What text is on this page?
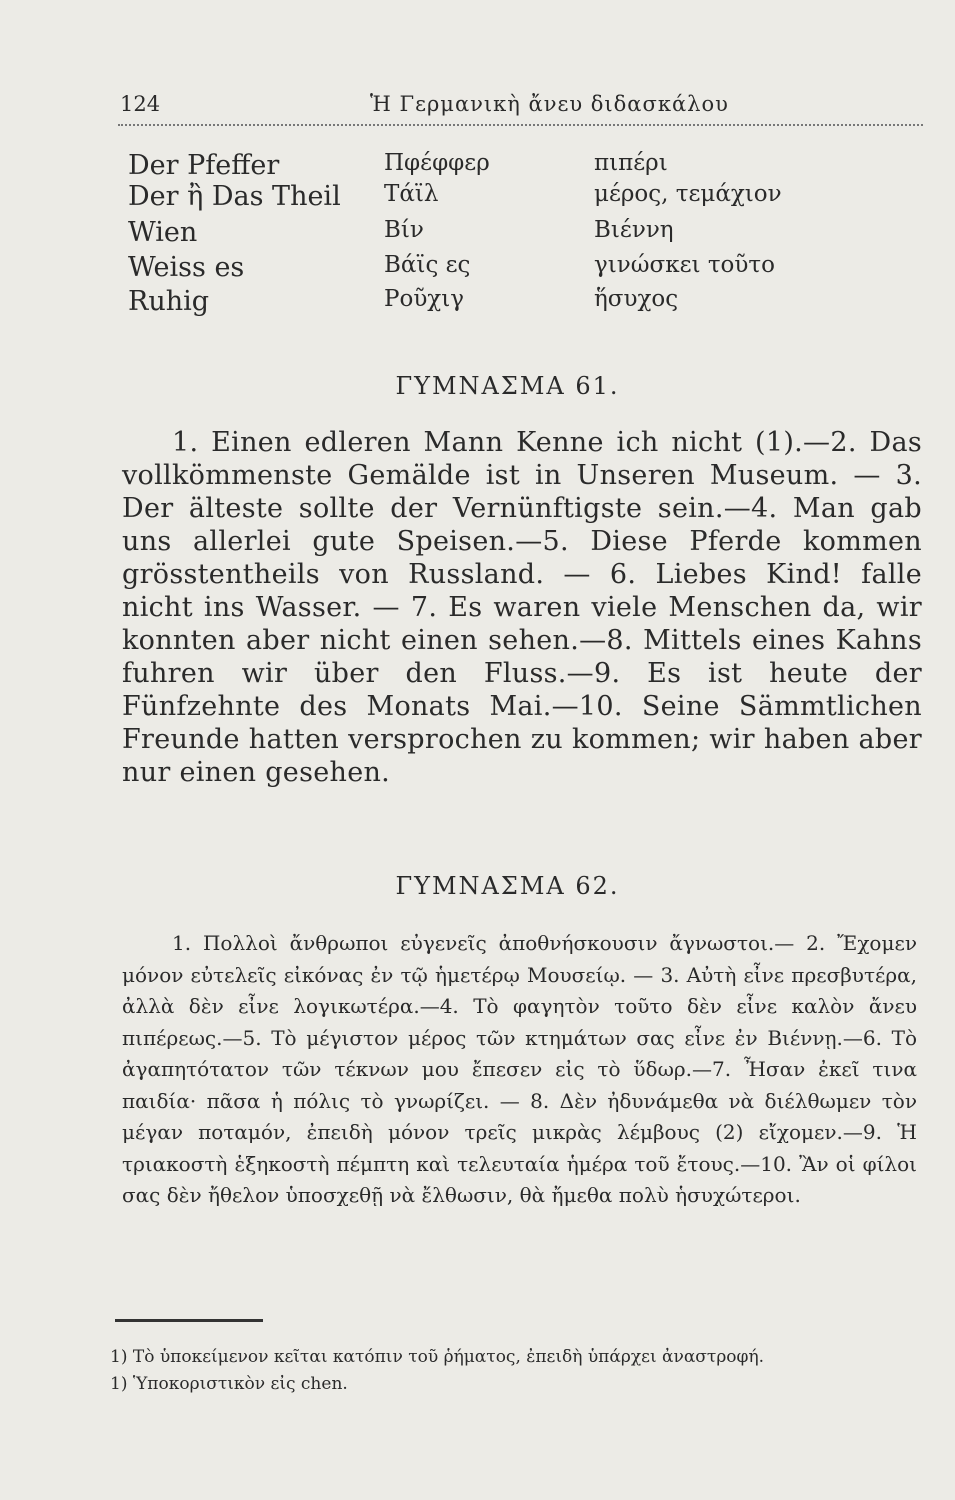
124	Ἡ Γερμανικὴ ἄνευ διδασκάλου
Der Pfeffer	Πφέφφερ	πιπέρι
Der ἢ Das Theil Τάϊλ	μέρος, τεμάχιον
Wien	Βίν	Βιέννη
Weiss es	Βάϊς ες	γινώσκει τοῦτο
Ruhig	Ροῦχιγ	ἥσυχος
ΓΥΜΝΑΣΜΑ 61.
1. Einen edleren Mann Kenne ich nicht (1).—2. Das vollkömmenste Gemälde ist in Unseren Museum. — 3. Der älteste sollte der Vernünftigste sein.—4. Man gab uns allerlei gute Speisen.—5. Diese Pferde kommen grösstentheils von Russland. — 6. Liebes Kind! falle nicht ins Wasser. — 7. Es waren viele Menschen da, wir konnten aber nicht einen sehen.—8. Mittels eines Kahns fuhren wir über den Fluss.—9. Es ist heute der Fünfzehnte des Monats Mai.—10. Seine Sämmtlichen Freunde hatten versprochen zu kommen; wir haben aber nur einen gesehen.
ΓΥΜΝΑΣΜΑ 62.
1. Πολλοὶ ἄνθρωποι εὐγενεῖς ἀποθνήσκουσιν ἄγνωστοι.— 2. Ἔχομεν μόνον εὐτελεῖς εἰκόνας ἐν τῷ ἡμετέρῳ Μουσείῳ. — 3. Αὐτὴ εἶνε πρεσβυτέρα, ἀλλὰ δὲν εἶνε λογικωτέρα.—4. Τὸ φαγητὸν τοῦτο δὲν εἶνε καλὸν ἄνευ πιπέρεως.—5. Τὸ μέγιστον μέρος τῶν κτημάτων σας εἶνε ἐν Βιέννῃ.—6. Τὸ ἀγαπητότατον τῶν τέκνων μου ἔπεσεν εἰς τὸ ὕδωρ.—7. Ἦσαν ἐκεῖ τινα παιδία· πᾶσα ἡ πόλις τὸ γνωρίζει. — 8. Δὲν ἠδυνάμεθα νὰ διέλθωμεν τὸν μέγαν ποταμόν, ἐπειδὴ μόνον τρεῖς μικρὰς λέμβους (2) εἴχομεν.—9. Ἡ τριακοστὴ ἑξηκοστὴ πέμπτη καὶ τελευταία ἡμέρα τοῦ ἔτους.—10. Ἂν οἱ φίλοι σας δὲν ἤθελον ὑποσχεθῇ νὰ ἔλθωσιν, θὰ ἤμεθα πολὺ ἡσυχώτεροι.
1) Τὸ ὑποκείμενον κεῖται κατόπιν τοῦ ῥήματος, ἐπειδὴ ὑπάρχει ἀναστροφή.
1) Ὑποκοριστικὸν εἰς chen.
